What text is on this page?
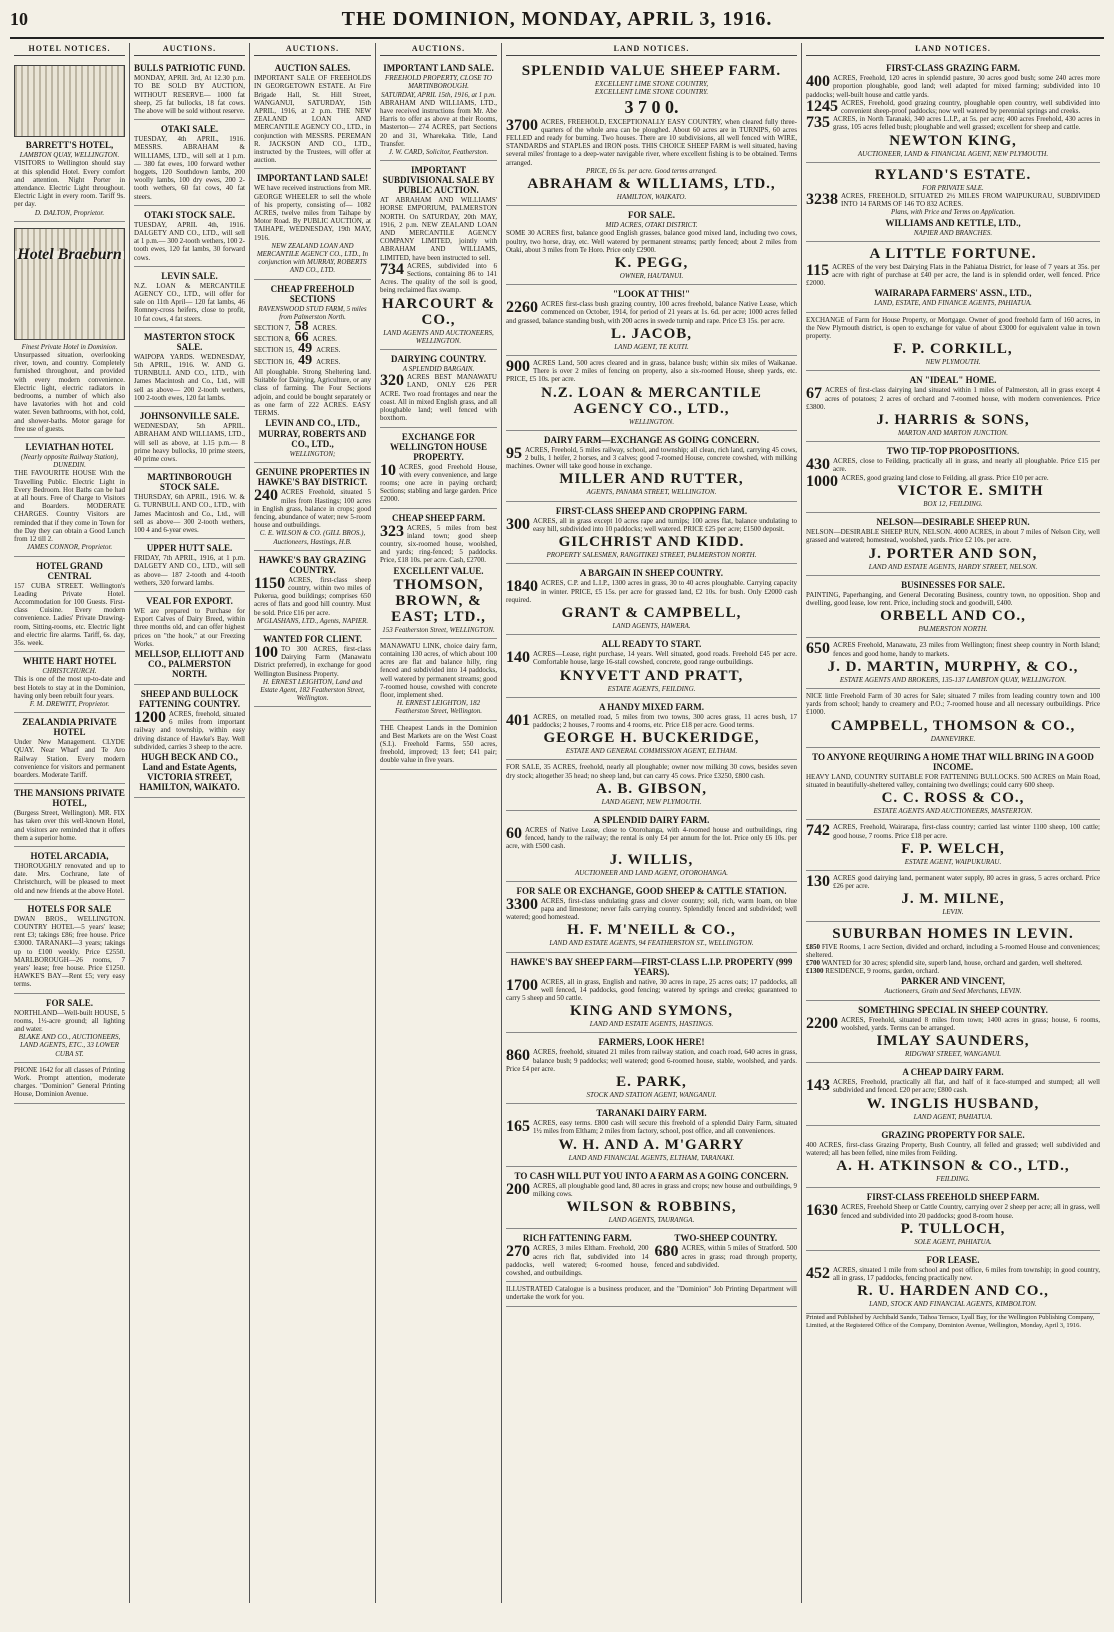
10	THE DOMINION, MONDAY, APRIL 3, 1916.
HOTEL NOTICES.
BARRETT'S HOTEL,
LAMBTON QUAY, WELLINGTON.
VISITORS to Wellington should stay at this splendid Hotel. Every comfort and attention. Night Porter in attendance. Electric Light throughout. Electric Light in every room. Tariff 9s. per day.
D. DALTON, Proprietor.
Hotel Braeburn
Finest Private Hotel in Dominion.
Unsurpassed situation, overlooking river, town, and country. Completely furnished throughout, and provided with every modern convenience. Electric light, electric radiators in bedrooms, a number of which also have lavatories with hot and cold water. Seven bathrooms, with hot, cold, and shower-baths. Motor garage for free use of guests.
LEVIATHAN HOTEL
(Nearly opposite Railway Station), DUNEDIN.
THE FAVOURITE HOUSE With the Travelling Public. Electric Light in Every Bedroom. Hot Baths can be had at all hours. Free of Charge to Visitors and Boarders. MODERATE CHARGES. Country Visitors are reminded that if they come in Town for the Day they can obtain a Good Lunch from 12 till 2.
JAMES CONNOR, Proprietor.
HOTEL GRAND CENTRAL
157 CUBA STREET. Wellington's Leading Private Hotel. Accommodation for 100 Guests. First-class Cuisine. Every modern convenience. Ladies' Private Drawing-room, Sitting-rooms, etc. Electric light and electric fire alarms. Tariff, 6s. day, 35s. week.
WHITE HART HOTEL
CHRISTCHURCH.
This is one of the most up-to-date and best Hotels to stay at in the Dominion, having only been rebuilt four years.
F. M. DREWITT, Proprietor.
ZEALANDIA PRIVATE HOTEL
Under New Management. CLYDE QUAY. Near Wharf and Te Aro Railway Station. Every modern convenience for visitors and permanent boarders. Moderate Tariff.
THE MANSIONS PRIVATE HOTEL,
(Burgess Street, Wellington). MR. FIX has taken over this well-known Hotel, and visitors are reminded that it offers them a superior home.
HOTEL ARCADIA,
THOROUGHLY renovated and up to date. Mrs. Cochrane, late of Christchurch, will be pleased to meet old and new friends at the above Hotel.
HOTELS FOR SALE
DWAN BROS., WELLINGTON. COUNTRY HOTEL—5 years' lease; rent £3; takings £86; free house. Price £3000. TARANAKI—3 years; takings up to £100 weekly. Price £2550. MARLBOROUGH—26 rooms, 7 years' lease; free house. Price £1250. HAWKE'S BAY—Rent £5; very easy terms.
FOR SALE.
NORTHLAND—Well-built HOUSE, 5 rooms, 1½-acre ground; all lighting and water.
BLAKE AND CO., AUCTIONEERS, LAND AGENTS, ETC., 33 LOWER CUBA ST.
PHONE 1642 for all classes of Printing Work. Prompt attention, moderate charges. "Dominion" General Printing House, Dominion Avenue.
AUCTIONS.
BULLS PATRIOTIC FUND.
MONDAY, APRIL 3rd, At 12.30 p.m. TO BE SOLD BY AUCTION, WITHOUT RESERVE— 1000 fat sheep, 25 fat bullocks, 18 fat cows. The above will be sold without reserve.
OTAKI SALE.
TUESDAY, 4th APRIL, 1916. MESSRS. ABRAHAM & WILLIAMS, LTD., will sell at 1 p.m.— 380 fat ewes, 100 forward wether hoggets, 120 Southdown lambs, 200 woolly lambs, 100 dry ewes, 200 2-tooth wethers, 60 fat cows, 40 fat steers.
OTAKI STOCK SALE.
TUESDAY, APRIL 4th, 1916. DALGETY AND CO., LTD., will sell at 1 p.m.— 300 2-tooth wethers, 100 2-tooth ewes, 120 fat lambs, 30 forward cows.
LEVIN SALE.
N.Z. LOAN & MERCANTILE AGENCY CO., LTD., will offer for sale on 11th April— 120 fat lambs, 46 Romney-cross heifers, close to profit, 10 fat cows, 4 fat steers.
MASTERTON STOCK SALE.
WAIPOPA YARDS. WEDNESDAY, 5th APRIL, 1916. W. AND G. TURNBULL AND CO., LTD., with James Macintosh and Co., Ltd., will sell as above— 200 2-tooth wethers, 100 2-tooth ewes, 120 fat lambs.
JOHNSONVILLE SALE.
WEDNESDAY, 5th APRIL. ABRAHAM AND WILLIAMS, LTD., will sell as above, at 1.15 p.m.— 8 prime heavy bullocks, 10 prime steers, 40 prime cows.
MARTINBOROUGH STOCK SALE.
THURSDAY, 6th APRIL, 1916. W. & G. TURNBULL AND CO., LTD., with James Macintosh and Co., Ltd., will sell as above— 300 2-tooth wethers, 100 4 and 6-year ewes.
UPPER HUTT SALE.
FRIDAY, 7th APRIL, 1916, at 1 p.m. DALGETY AND CO., LTD., will sell as above— 187 2-tooth and 4-tooth wethers, 320 forward lambs.
VEAL FOR EXPORT.
WE are prepared to Purchase for Export Calves of Dairy Breed, within three months old, and can offer highest prices on "the hook," at our Freezing Works.
MELLSOP, ELLIOTT AND CO., PALMERSTON NORTH.
SHEEP AND BULLOCK FATTENING COUNTRY.
1200 ACRES, freehold, situated 6 miles from important railway and township, within easy driving distance of Hawke's Bay. Well subdivided, carries 3 sheep to the acre.
HUGH BECK AND CO., Land and Estate Agents, VICTORIA STREET, HAMILTON, WAIKATO.
AUCTIONS.
AUCTION SALES.
IMPORTANT SALE OF FREEHOLDS IN GEORGETOWN ESTATE. At Fire Brigade Hall, St. Hill Street, WANGANUI, SATURDAY, 15th APRIL, 1916, at 2 p.m. THE NEW ZEALAND LOAN AND MERCANTILE AGENCY CO., LTD., in conjunction with MESSRS. PEREMAN R. JACKSON AND CO., LTD., instructed by the Trustees, will offer at auction.
IMPORTANT LAND SALE!
WE have received instructions from MR. GEORGE WHEELER to sell the whole of his property, consisting of— 1082 ACRES, twelve miles from Taihape by Motor Road. By PUBLIC AUCTION, at TAIHAPE, WEDNESDAY, 19th MAY, 1916.
NEW ZEALAND LOAN AND MERCANTILE AGENCY CO., LTD., In conjunction with MURRAY, ROBERTS AND CO., LTD.
CHEAP FREEHOLD SECTIONS
RAVENSWOOD STUD FARM, 5 miles from Palmerston North.
SECTION 7, 58 ACRES.
SECTION 8, 66 ACRES.
SECTION 15, 49 ACRES.
SECTION 16, 49 ACRES.
All ploughable. Strong Sheltering land. Suitable for Dairying, Agriculture, or any class of farming. The Four Sections adjoin, and could be bought separately or as one farm of 222 ACRES. EASY TERMS.
LEVIN AND CO., LTD.,
MURRAY, ROBERTS AND CO., LTD.,
WELLINGTON;
GENUINE PROPERTIES IN HAWKE'S BAY DISTRICT.
240 ACRES Freehold, situated 5 miles from Hastings; 100 acres in English grass, balance in crops; good fencing, abundance of water; new 5-room house and outbuildings.
C. E. WILSON & CO. (GILL BROS.), Auctioneers, Hastings, H.B.
HAWKE'S BAY GRAZING COUNTRY.
1150 ACRES, first-class sheep country, within two miles of Pukerua, good buildings; comprises 650 acres of flats and good hill country. Must be sold. Price £16 per acre.
M'GLASHANS, LTD., Agents, NAPIER.
WANTED FOR CLIENT.
100 TO 300 ACRES, first-class Dairying Farm (Manawatu District preferred), in exchange for good Wellington Business Property.
H. ERNEST LEIGHTON, Land and Estate Agent, 182 Featherston Street, Wellington.
AUCTIONS.
IMPORTANT LAND SALE.
FREEHOLD PROPERTY, CLOSE TO MARTINBOROUGH.
SATURDAY, APRIL 15th, 1916, at 1 p.m.
ABRAHAM AND WILLIAMS, LTD., have received instructions from Mr. Abe Harris to offer as above at their Rooms, Masterton— 274 ACRES, part Sections 20 and 31, Wharekaka. Title, Land Transfer.
J. W. CARD, Solicitor, Featherston.
IMPORTANT SUBDIVISIONAL SALE BY PUBLIC AUCTION.
AT ABRAHAM AND WILLIAMS' HORSE EMPORIUM, PALMERSTON NORTH. On SATURDAY, 20th MAY, 1916, 2 p.m. NEW ZEALAND LOAN AND MERCANTILE AGENCY COMPANY LIMITED, jointly with ABRAHAM AND WILLIAMS, LIMITED, have been instructed to sell.
734 ACRES, subdivided into 6 Sections, containing 86 to 141 Acres. The quality of the soil is good, being reclaimed flax swamp.
HARCOURT & CO.,
LAND AGENTS AND AUCTIONEERS, WELLINGTON.
DAIRYING COUNTRY.
A SPLENDID BARGAIN.
320 ACRES BEST MANAWATU LAND, ONLY £26 PER ACRE. Two road frontages and near the coast. All in mixed English grass, and all ploughable land; well fenced with boxthorn.
EXCHANGE FOR WELLINGTON HOUSE PROPERTY.
10 ACRES, good Freehold House, with every convenience, and large rooms; one acre in paying orchard; Sections; stabling and large garden. Price £2000.
CHEAP SHEEP FARM.
323 ACRES, 5 miles from best inland town; good sheep country, six-roomed house, woolshed, and yards; ring-fenced; 5 paddocks. Price, £18 10s. per acre. Cash, £2700.
EXCELLENT VALUE.
THOMSON, BROWN, & EAST; LTD.,
153 Featherston Street, WELLINGTON.
MANAWATU LINK, choice dairy farm, containing 130 acres, of which about 100 acres are flat and balance hilly, ring fenced and subdivided into 14 paddocks, well watered by permanent streams; good 7-roomed house, cowshed with concrete floor, implement shed.
H. ERNEST LEIGHTON, 182 Featherston Street, Wellington.
THE Cheapest Lands in the Dominion and Best Markets are on the West Coast (S.I.). Freehold Farms, 550 acres, freehold, improved; 13 feet; £41 pair; double value in five years.
LAND NOTICES.
SPLENDID VALUE SHEEP FARM.
EXCELLENT LIME STONE COUNTRY,
EXCELLENT LIME STONE COUNTRY.
3 7 0 0.
3700 ACRES, FREEHOLD, EXCEPTIONALLY EASY COUNTRY, when cleared fully three-quarters of the whole area can be ploughed. About 60 acres are in TURNIPS, 60 acres FELLED and ready for burning. Two houses. There are 10 subdivisions, all well fenced with WIRE, STANDARDS and STAPLES and IRON posts. THIS CHOICE SHEEP FARM is well situated, having several miles' frontage to a deep-water navigable river, where excellent fishing is to be obtained. Terms arranged.
PRICE, £6 5s. per acre. Good terms arranged.
ABRAHAM & WILLIAMS, LTD.,
HAMILTON, WAIKATO.
FOR SALE.
MID ACRES, OTAKI DISTRICT.
SOME 30 ACRES first, balance good English grasses, balance good mixed land, including two cows, poultry, two horse, dray, etc. Well watered by permanent streams; partly fenced; about 2 miles from Otaki, about 3 miles from Te Horo. Price only £2900.
K. PEGG,
OWNER, HAUTANUI.
"LOOK AT THIS!"
2260 ACRES first-class bush grazing country, 100 acres freehold, balance Native Lease, which commenced on October, 1914, for period of 21 years at 1s. 6d. per acre; 1000 acres felled and grassed, balance standing bush, with 200 acres in swede turnip and rape. Price £3 15s. per acre.
L. JACOB,
LAND AGENT, TE KUITI.
900 ACRES Land, 500 acres cleared and in grass, balance bush; within six miles of Waikanae. There is over 2 miles of fencing on property, also a six-roomed House, sheep yards, etc. PRICE, £5 10s. per acre.
N.Z. LOAN & MERCANTILE AGENCY CO., LTD.,
WELLINGTON.
DAIRY FARM—EXCHANGE AS GOING CONCERN.
95 ACRES, Freehold, 5 miles railway, school, and township; all clean, rich land, carrying 45 cows, 2 bulls, 1 heifer, 2 horses, and 3 calves; good 7-roomed House, concrete cowshed, with milking machines. Owner will take good house in exchange.
MILLER AND RUTTER,
AGENTS, PANAMA STREET, WELLINGTON.
FIRST-CLASS SHEEP AND CROPPING FARM.
300 ACRES, all in grass except 10 acres rape and turnips; 100 acres flat, balance undulating to easy hill, subdivided into 10 paddocks; well watered. PRICE £25 per acre; £1500 deposit.
GILCHRIST AND KIDD.
PROPERTY SALESMEN, RANGITIKEI STREET, PALMERSTON NORTH.
A BARGAIN IN SHEEP COUNTRY.
1840 ACRES, C.P. and L.I.P., 1300 acres in grass, 30 to 40 acres ploughable. Carrying capacity in winter. PRICE, £5 15s. per acre for grassed land, £2 10s. for bush. Only £2000 cash required.
GRANT & CAMPBELL,
LAND AGENTS, HAWERA.
ALL READY TO START.
140 ACRES—Lease, right purchase, 14 years. Well situated, good roads. Freehold £45 per acre. Comfortable house, large 16-stall cowshed, concrete, good range outbuildings.
KNYVETT AND PRATT,
ESTATE AGENTS, FEILDING.
A HANDY MIXED FARM.
401 ACRES, on metalled road, 5 miles from two towns, 300 acres grass, 11 acres bush, 17 paddocks; 2 houses, 7 rooms and 4 rooms, etc. Price £18 per acre. Good terms.
GEORGE H. BUCKERIDGE,
ESTATE AND GENERAL COMMISSION AGENT, ELTHAM.
FOR SALE, 35 ACRES, freehold, nearly all ploughable; owner now milking 30 cows, besides seven dry stock; altogether 35 head; no sheep land, but can carry 45 cows. Price £3250, £800 cash.
A. B. GIBSON,
LAND AGENT, NEW PLYMOUTH.
A SPLENDID DAIRY FARM.
60 ACRES of Native Lease, close to Otorohanga, with 4-roomed house and outbuildings, ring fenced, handy to the railway; the rental is only £4 per annum for the lot. Price only £6 10s. per acre, with £500 cash.
J. WILLIS,
AUCTIONEER AND LAND AGENT, OTOROHANGA.
FOR SALE OR EXCHANGE, GOOD SHEEP & CATTLE STATION.
3300 ACRES, first-class undulating grass and clover country; soil, rich, warm loam, on blue papa and limestone; never fails carrying country. Splendidly fenced and subdivided; well watered; good homestead.
H. F. M'NEILL & CO.,
LAND AND ESTATE AGENTS, 94 FEATHERSTON ST., WELLINGTON.
HAWKE'S BAY SHEEP FARM—FIRST-CLASS L.I.P. PROPERTY (999 YEARS).
1700 ACRES, all in grass, English and native, 30 acres in rape, 25 acres oats; 17 paddocks, all well fenced, 14 paddocks, good fencing; watered by springs and creeks; guaranteed to carry 5 sheep and 50 cattle.
KING AND SYMONS,
LAND AND ESTATE AGENTS, HASTINGS.
FARMERS, LOOK HERE!
860 ACRES, freehold, situated 21 miles from railway station, and coach road, 640 acres in grass, balance bush; 9 paddocks; well watered; good 6-roomed house, stable, woolshed, and yards. Price £4 per acre.
E. PARK,
STOCK AND STATION AGENT, WANGANUI.
TARANAKI DAIRY FARM.
165 ACRES, easy terms. £800 cash will secure this freehold of a splendid Dairy Farm, situated 1½ miles from Eltham; 2 miles from factory, school, post office, and all conveniences.
W. H. AND A. M'GARRY
LAND AND FINANCIAL AGENTS, ELTHAM, TARANAKI.
TO CASH WILL PUT YOU INTO A FARM AS A GOING CONCERN.
200 ACRES, all ploughable good land, 80 acres in grass and crops; new house and outbuildings, 9 milking cows.
WILSON & ROBBINS,
LAND AGENTS, TAURANGA.
RICH FATTENING FARM.
270 ACRES, 3 miles Eltham. Freehold, 200 acres rich flat, subdivided into 14 paddocks, well watered; 6-roomed house, cowshed, and outbuildings.
TWO-SHEEP COUNTRY.
680 ACRES, within 5 miles of Stratford. 500 acres in grass; road through property, fenced and subdivided.
ILLUSTRATED Catalogue is a business producer, and the "Dominion" Job Printing Department will undertake the work for you.
LAND NOTICES.
FIRST-CLASS GRAZING FARM.
400 ACRES, Freehold, 120 acres in splendid pasture, 30 acres good bush; some 240 acres more proportion ploughable, good land; well adapted for mixed farming; subdivided into 10 paddocks; well-built house and cattle yards.
1245 ACRES, Freehold, good grazing country, ploughable open country, well subdivided into convenient sheep-proof paddocks; now well watered by perennial springs and creeks.
735 ACRES, in North Taranaki, 340 acres L.I.P., at 5s. per acre; 400 acres Freehold, 430 acres in grass, 105 acres felled bush; ploughable and well grassed; excellent for sheep and cattle.
NEWTON KING,
AUCTIONEER, LAND & FINANCIAL AGENT, NEW PLYMOUTH.
RYLAND'S ESTATE.
FOR PRIVATE SALE.
3238 ACRES, FREEHOLD, SITUATED 2½ MILES FROM WAIPUKURAU, SUBDIVIDED INTO 14 FARMS OF 146 TO 832 ACRES.
Plans, with Price and Terms on Application.
WILLIAMS AND KETTLE, LTD.,
NAPIER AND BRANCHES.
A LITTLE FORTUNE.
115 ACRES of the very best Dairying Flats in the Pahiatua District, for lease of 7 years at 35s. per acre with right of purchase at £40 per acre, the land is in splendid order, well fenced. Price £2000.
WAIRARAPA FARMERS' ASSN., LTD.,
LAND, ESTATE, AND FINANCE AGENTS, PAHIATUA.
EXCHANGE of Farm for House Property, or Mortgage. Owner of good freehold farm of 160 acres, in the New Plymouth district, is open to exchange for value of about £3000 for equivalent value in town property.
F. P. CORKILL,
NEW PLYMOUTH.
AN "IDEAL" HOME.
67 ACRES of first-class dairying land situated within 1 miles of Palmerston, all in grass except 4 acres of potatoes; 2 acres of orchard and 7-roomed house, with modern conveniences. Price £3800.
J. HARRIS & SONS,
MARTON AND MARTON JUNCTION.
TWO TIP-TOP PROPOSITIONS.
430 ACRES, close to Feilding, practically all in grass, and nearly all ploughable. Price £15 per acre.
1000 ACRES, good grazing land close to Feilding, all grass. Price £10 per acre.
VICTOR E. SMITH
BOX 12, FEILDING.
NELSON—DESIRABLE SHEEP RUN.
NELSON—DESIRABLE SHEEP RUN, NELSON. 4000 ACRES, in about 7 miles of Nelson City, well grassed and watered; homestead, woolshed, yards. Price £2 10s. per acre.
J. PORTER AND SON,
LAND AND ESTATE AGENTS, HARDY STREET, NELSON.
BUSINESSES FOR SALE.
PAINTING, Paperhanging, and General Decorating Business, country town, no opposition. Shop and dwelling, good lease, low rent. Price, including stock and goodwill, £400.
ORBELL AND CO.,
PALMERSTON NORTH.
650 ACRES Freehold, Manawatu, 23 miles from Wellington; finest sheep country in North Island; fences and good home, handy to markets.
J. D. MARTIN, MURPHY, & CO.,
ESTATE AGENTS AND BROKERS, 135-137 LAMBTON QUAY, WELLINGTON.
NICE little Freehold Farm of 30 acres for Sale; situated 7 miles from leading country town and 100 yards from school; handy to creamery and P.O.; 7-roomed house and all necessary outbuildings. Price £1000.
CAMPBELL, THOMSON & CO.,
DANNEVIRKE.
TO ANYONE REQUIRING A HOME THAT WILL BRING IN A GOOD INCOME.
HEAVY LAND, COUNTRY SUITABLE FOR FATTENING BULLOCKS. 500 ACRES on Main Road, situated in beautifully-sheltered valley, containing two dwellings; could carry 600 sheep.
C. C. ROSS & CO.,
ESTATE AGENTS AND AUCTIONEERS, MASTERTON.
742 ACRES, Freehold, Wairarapa, first-class country; carried last winter 1100 sheep, 100 cattle; good house, 7 rooms. Price £18 per acre.
F. P. WELCH,
ESTATE AGENT, WAIPUKURAU.
130 ACRES good dairying land, permanent water supply, 80 acres in grass, 5 acres orchard. Price £26 per acre.
J. M. MILNE,
LEVIN.
SUBURBAN HOMES IN LEVIN.
£850 FIVE Rooms, 1 acre Section, divided and orchard, including a 5-roomed House and conveniences; sheltered.
£700 WANTED for 30 acres; splendid site, superb land, house, orchard and garden, well sheltered.
£1300 RESIDENCE, 9 rooms, garden, orchard.
PARKER AND VINCENT,
Auctioneers, Grain and Seed Merchants, LEVIN.
SOMETHING SPECIAL IN SHEEP COUNTRY.
2200 ACRES, Freehold, situated 8 miles from town; 1400 acres in grass; house, 6 rooms, woolshed, yards. Terms can be arranged.
IMLAY SAUNDERS,
RIDGWAY STREET, WANGANUI.
A CHEAP DAIRY FARM.
143 ACRES, Freehold, practically all flat, and half of it face-stumped and stumped; all well subdivided and fenced. £20 per acre; £800 cash.
W. INGLIS HUSBAND,
LAND AGENT, PAHIATUA.
GRAZING PROPERTY FOR SALE.
400 ACRES, first-class Grazing Property, Bush Country, all felled and grassed; well subdivided and watered; all has been felled, nine miles from Feilding.
A. H. ATKINSON & CO., LTD.,
FEILDING.
FIRST-CLASS FREEHOLD SHEEP FARM.
1630 ACRES, Freehold Sheep or Cattle Country, carrying over 2 sheep per acre; all in grass, well fenced and subdivided into 20 paddocks; good 8-room house.
P. TULLOCH,
SOLE AGENT, PAHIATUA.
FOR LEASE.
452 ACRES, situated 1 mile from school and post office, 6 miles from township; in good country, all in grass, 17 paddocks, fencing practically new.
R. U. HARDEN AND CO.,
LAND, STOCK AND FINANCIAL AGENTS, KIMBOLTON.
Printed and Published by Archibald Sando, Taihoa Terrace, Lyall Bay, for the Wellington Publishing Company, Limited, at the Registered Office of the Company, Dominion Avenue, Wellington, Monday, April 3, 1916.
